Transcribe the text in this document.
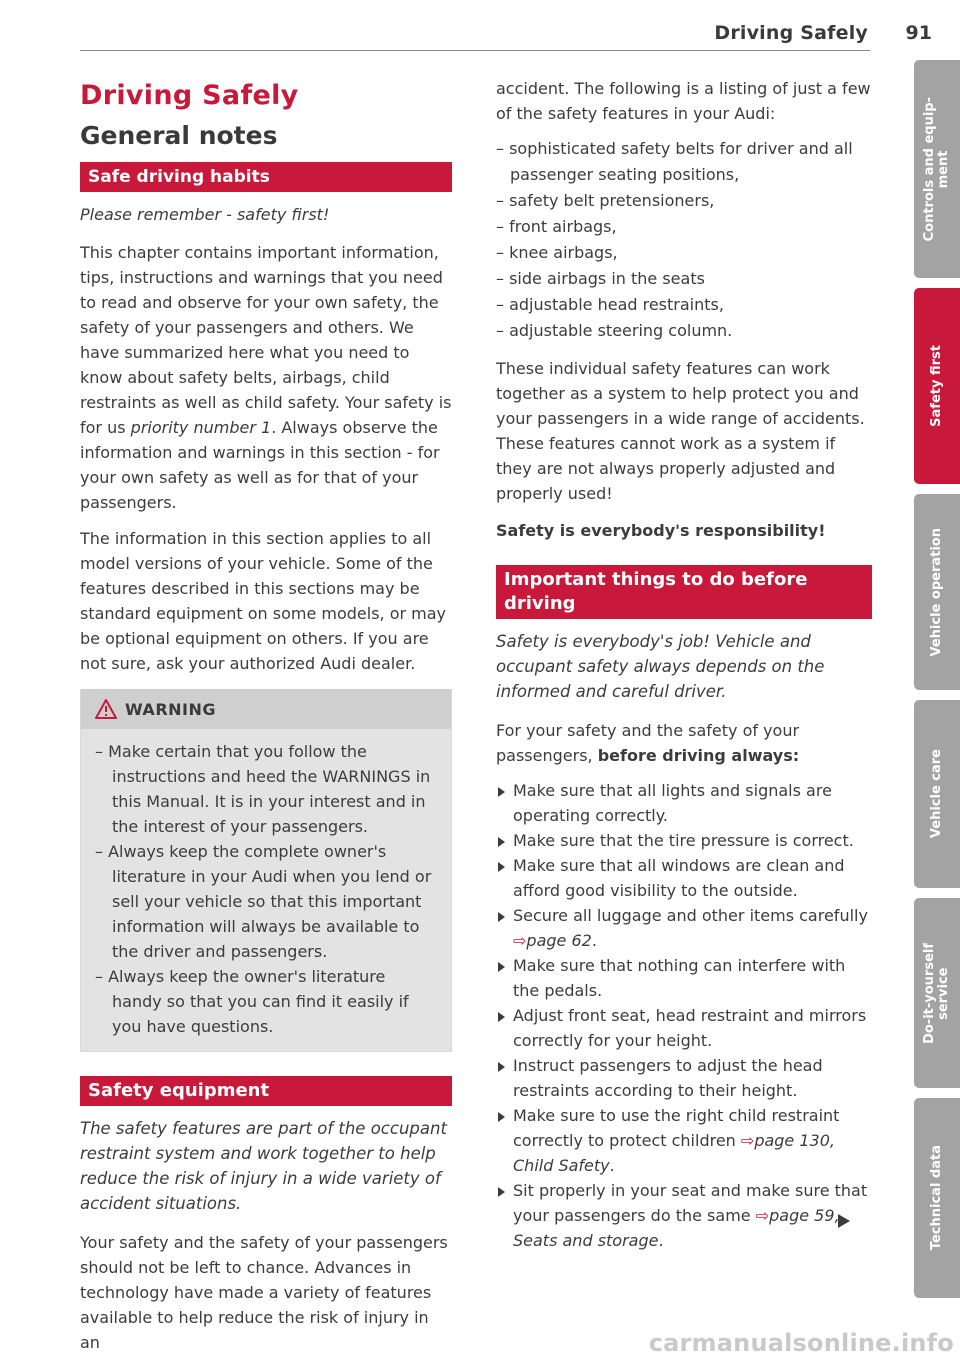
Driving Safely 91
Driving Safely
General notes
Safe driving habits

Please remember - safety first!

This chapter contains important information, tips, instructions and warnings that you need to read and observe for your own safety, the safety of your passengers and others. We have summarized here what you need to know about safety belts, airbags, child restraints as well as child safety. Your safety is for us priority number 1. Always observe the information and warnings in this section - for your own safety as well as for that of your passengers.

The information in this section applies to all model versions of your vehicle. Some of the features described in this sections may be standard equipment on some models, or may be optional equipment on others. If you are not sure, ask your authorized Audi dealer.

WARNING
– Make certain that you follow the instructions and heed the WARNINGS in this Manual. It is in your interest and in the interest of your passengers.
– Always keep the complete owner's literature in your Audi when you lend or sell your vehicle so that this important information will always be available to the driver and passengers.
– Always keep the owner's literature handy so that you can find it easily if you have questions.
Safety equipment

The safety features are part of the occupant restraint system and work together to help reduce the risk of injury in a wide variety of accident situations.

Your safety and the safety of your passengers should not be left to chance. Advances in technology have made a variety of features available to help reduce the risk of injury in an

accident. The following is a listing of just a few of the safety features in your Audi:

– sophisticated safety belts for driver and all passenger seating positions,
– safety belt pretensioners,
– front airbags,
– knee airbags,
– side airbags in the seats
– adjustable head restraints,
– adjustable steering column.

These individual safety features can work together as a system to help protect you and your passengers in a wide range of accidents. These features cannot work as a system if they are not always properly adjusted and properly used!

Safety is everybody's responsibility!

Important things to do before driving

Safety is everybody's job! Vehicle and occupant safety always depends on the informed and careful driver.

For your safety and the safety of your passengers, before driving always:

Make sure that all lights and signals are operating correctly.
Make sure that the tire pressure is correct.
Make sure that all windows are clean and afford good visibility to the outside.
Secure all luggage and other items carefully ⇨page 62.
Make sure that nothing can interfere with the pedals.
Adjust front seat, head restraint and mirrors correctly for your height.
Instruct passengers to adjust the head restraints according to their height.
Make sure to use the right child restraint correctly to protect children ⇨page 130, Child Safety.
Sit properly in your seat and make sure that your passengers do the same ⇨page 59, Seats and storage.
Controls and equip-
ment
Safety first
Vehicle operation
Vehicle care
Do-it-yourself
service
Technical data
carmanualsonline.info
